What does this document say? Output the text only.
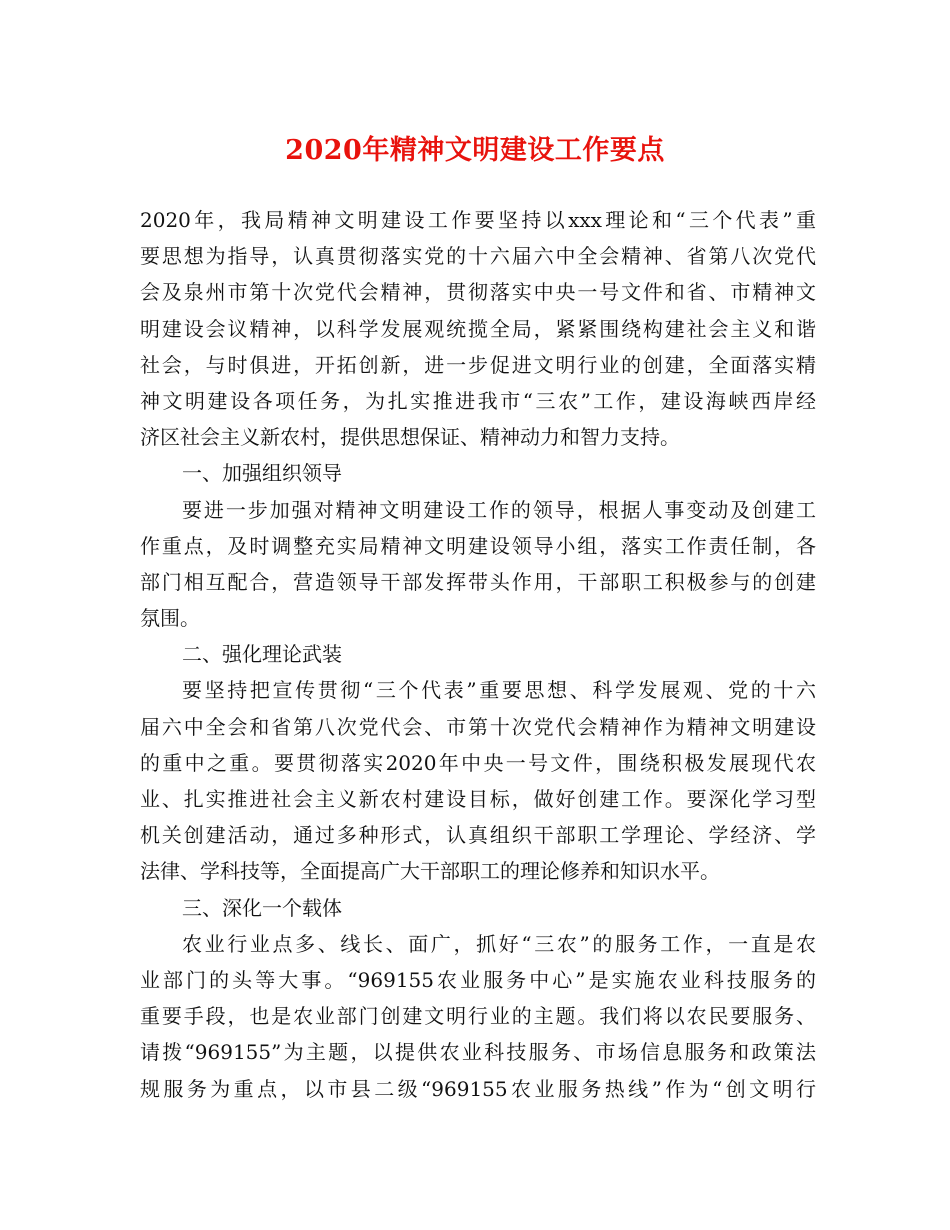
2020年精神文明建设工作要点
2020年，我局精神文明建设工作要坚持以xxx理论和“三个代表”重
要思想为指导，认真贯彻落实党的十六届六中全会精神、省第八次党代
会及泉州市第十次党代会精神，贯彻落实中央一号文件和省、市精神文
明建设会议精神，以科学发展观统揽全局，紧紧围绕构建社会主义和谐
社会，与时俱进，开拓创新，进一步促进文明行业的创建，全面落实精
神文明建设各项任务，为扎实推进我市“三农”工作，建设海峡西岸经
济区社会主义新农村，提供思想保证、精神动力和智力支持。
一、加强组织领导
要进一步加强对精神文明建设工作的领导，根据人事变动及创建工
作重点，及时调整充实局精神文明建设领导小组，落实工作责任制，各
部门相互配合，营造领导干部发挥带头作用，干部职工积极参与的创建
氛围。
二、强化理论武装
要坚持把宣传贯彻“三个代表”重要思想、科学发展观、党的十六
届六中全会和省第八次党代会、市第十次党代会精神作为精神文明建设
的重中之重。要贯彻落实2020年中央一号文件，围绕积极发展现代农
业、扎实推进社会主义新农村建设目标，做好创建工作。要深化学习型
机关创建活动，通过多种形式，认真组织干部职工学理论、学经济、学
法律、学科技等，全面提高广大干部职工的理论修养和知识水平。
三、深化一个载体
农业行业点多、线长、面广，抓好“三农”的服务工作，一直是农
业部门的头等大事。“969155农业服务中心”是实施农业科技服务的
重要手段，也是农业部门创建文明行业的主题。我们将以农民要服务、
请拨“969155”为主题，以提供农业科技服务、市场信息服务和政策法
规服务为重点，以市县二级“969155农业服务热线”作为“创文明行
